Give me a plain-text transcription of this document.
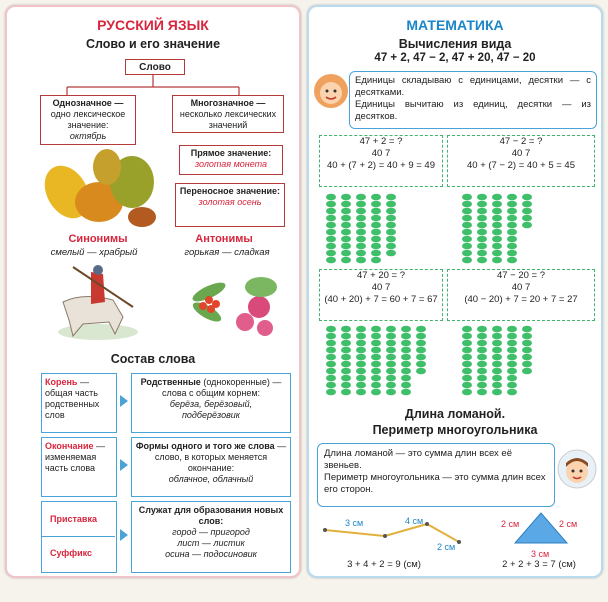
РУССКИЙ ЯЗЫК
Слово и его значение
Слово
Однозначное —
одно лексическое значение:
октябрь
Многозначное —
несколько лексических значений
Прямое значение:
золотая монета
Переносное значение:
золотая осень
Синонимы
смелый — храбрый
Антонимы
горькая — сладкая
Состав слова
Корень — общая часть родственных слов
Родственные (однокоренные) — слова с общим корнем:
берёза, берёзовый,
подберёзовик
Окончание — изменяемая часть слова
Формы одного и того же слова — слово, в которых меняется окончание:
облачное, облачный
Приставка
Суффикс
Служат для образования новых слов:
город — пригород
лист — листик
осина — подосиновик
МАТЕМАТИКА
Вычисления вида
47 + 2, 47 − 2, 47 + 20, 47 − 20
Единицы складываю с единицами, десятки — с десятками.
Единицы вычитаю из единиц, десятки — из десятков.
47 + 2 = ?
40 7
40 + (7 + 2) = 40 + 9 = 49
47 − 2 = ?
40 7
40 + (7 − 2) = 40 + 5 = 45
47 + 20 = ?
40 7
(40 + 20) + 7 = 60 + 7 = 67
47 − 20 = ?
40 7
(40 − 20) + 7 = 20 + 7 = 27
Длина ломаной.
Периметр многоугольника
Длина ломаной — это сумма длин всех её звеньев.
Периметр многоугольника — это сумма длин всех его сторон.
3 см	4 см
2 см
3 + 4 + 2 = 9 (см)
2 см	2 см
3 см
2 + 2 + 3 = 7 (см)
